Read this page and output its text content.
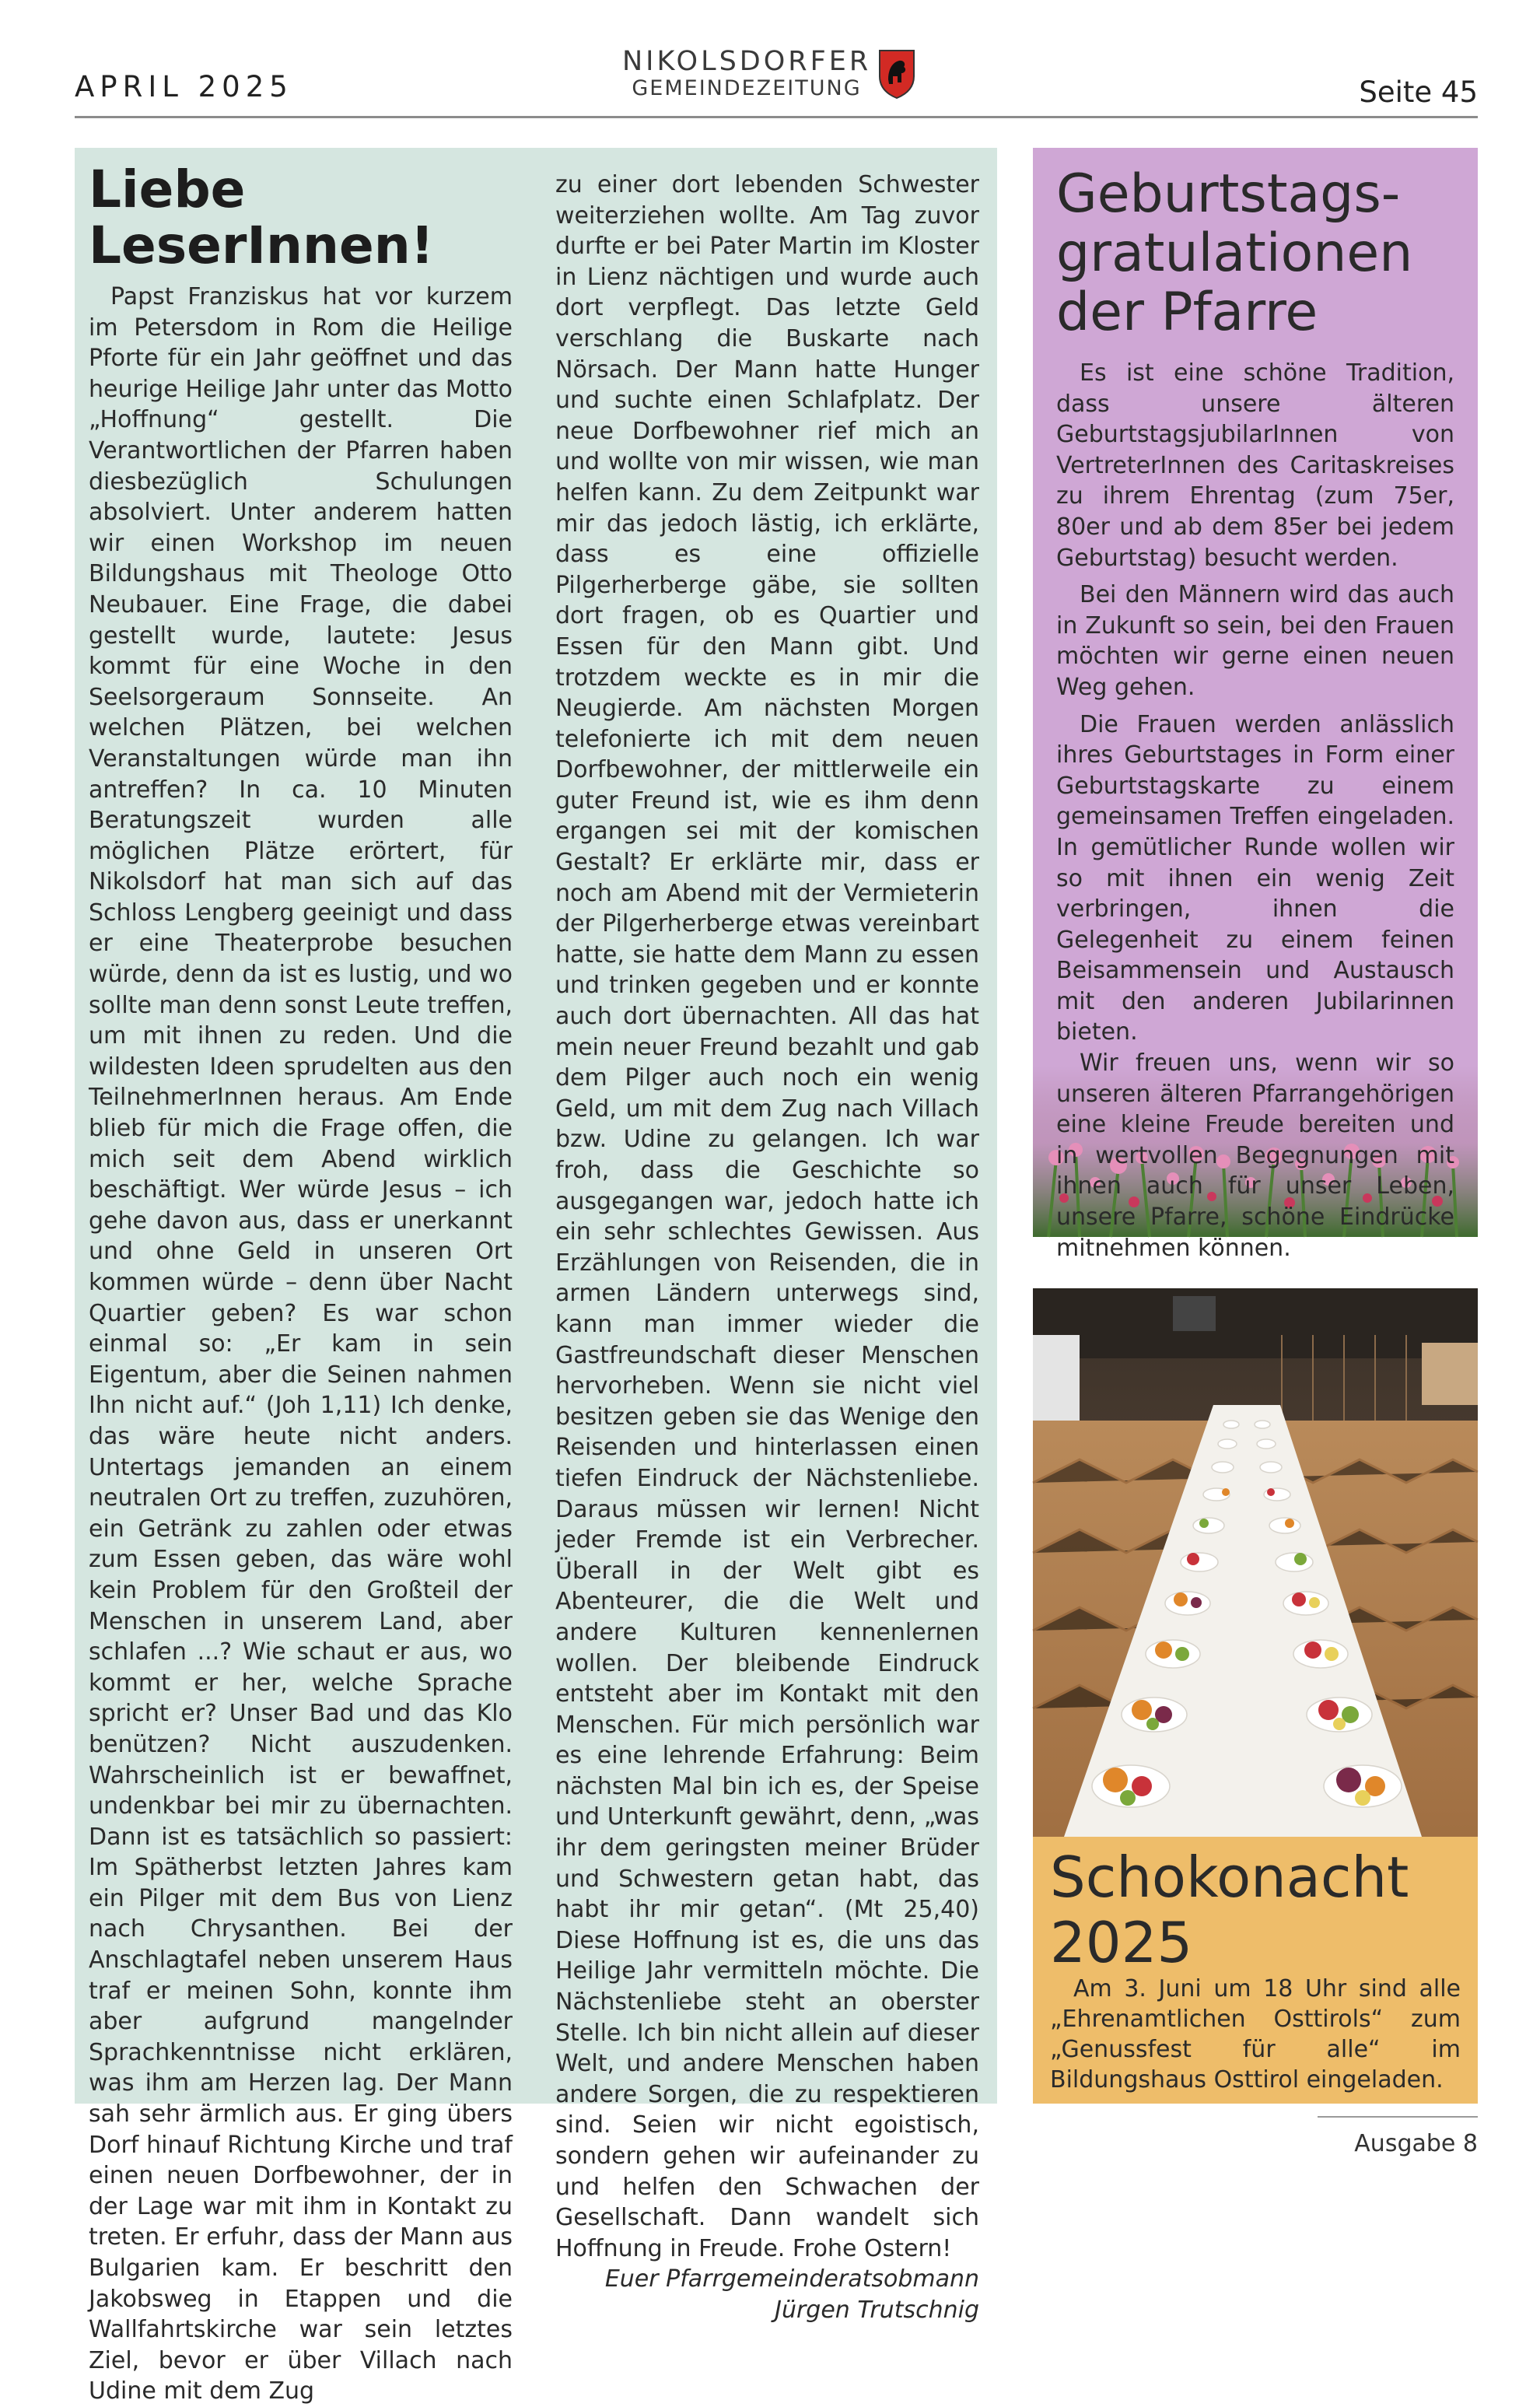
APRIL 2025
NIKOLSDORFER
GEMEINDEZEITUNG	Seite 45
Liebe LeserInnen!

Papst Franziskus hat vor kurzem im Petersdom in Rom die Heilige Pforte für ein Jahr geöffnet und das heurige Heilige Jahr unter das Motto „Hoffnung“ gestellt. Die Verantwortlichen der Pfarren haben diesbezüglich Schulungen absolviert. Unter anderem hatten wir einen Workshop im neuen Bildungshaus mit Theologe Otto Neubauer. Eine Frage, die dabei gestellt wurde, lautete: Jesus kommt für eine Woche in den Seelsorgeraum Sonnseite. An welchen Plätzen, bei welchen Veranstaltungen würde man ihn antreffen? In ca. 10 Minuten Beratungszeit wurden alle möglichen Plätze erörtert, für Nikolsdorf hat man sich auf das Schloss Lengberg geeinigt und dass er eine Theaterprobe besuchen würde, denn da ist es lustig, und wo sollte man denn sonst Leute treffen, um mit ihnen zu reden. Und die wildesten Ideen sprudelten aus den TeilnehmerInnen heraus. Am Ende blieb für mich die Frage offen, die mich seit dem Abend wirklich beschäftigt. Wer würde Jesus – ich gehe davon aus, dass er unerkannt und ohne Geld in unseren Ort kommen würde – denn über Nacht Quartier geben? Es war schon einmal so: „Er kam in sein Eigentum, aber die Seinen nahmen Ihn nicht auf.“ (Joh 1,11) Ich denke, das wäre heute nicht anders. Untertags jemanden an einem neutralen Ort zu treffen, zuzuhören, ein Getränk zu zahlen oder etwas zum Essen geben, das wäre wohl kein Problem für den Großteil der Menschen in unserem Land, aber schlafen ...? Wie schaut er aus, wo kommt er her, welche Sprache spricht er? Unser Bad und das Klo benützen? Nicht auszudenken. Wahrscheinlich ist er bewaffnet, undenkbar bei mir zu übernachten. Dann ist es tatsächlich so passiert: Im Spätherbst letzten Jahres kam ein Pilger mit dem Bus von Lienz nach Chrysanthen. Bei der Anschlagtafel neben unserem Haus traf er meinen Sohn, konnte ihm aber aufgrund mangelnder Sprachkenntnisse nicht erklären, was ihm am Herzen lag. Der Mann sah sehr ärmlich aus. Er ging übers Dorf hinauf Richtung Kirche und traf einen neuen Dorfbewohner, der in der Lage war mit ihm in Kontakt zu treten. Er erfuhr, dass der Mann aus Bulgarien kam. Er beschritt den Jakobsweg in Etappen und die Wallfahrtskirche war sein letztes Ziel, bevor er über Villach nach Udine mit dem Zug

zu einer dort lebenden Schwester weiterziehen wollte. Am Tag zuvor durfte er bei Pater Martin im Kloster in Lienz nächtigen und wurde auch dort verpflegt. Das letzte Geld verschlang die Buskarte nach Nörsach. Der Mann hatte Hunger und suchte einen Schlafplatz. Der neue Dorfbewohner rief mich an und wollte von mir wissen, wie man helfen kann. Zu dem Zeitpunkt war mir das jedoch lästig, ich erklärte, dass es eine offizielle Pilgerherberge gäbe, sie sollten dort fragen, ob es Quartier und Essen für den Mann gibt. Und trotzdem weckte es in mir die Neugierde. Am nächsten Morgen telefonierte ich mit dem neuen Dorfbewohner, der mittlerweile ein guter Freund ist, wie es ihm denn ergangen sei mit der komischen Gestalt? Er erklärte mir, dass er noch am Abend mit der Vermieterin der Pilgerherberge etwas vereinbart hatte, sie hatte dem Mann zu essen und trinken gegeben und er konnte auch dort übernachten. All das hat mein neuer Freund bezahlt und gab dem Pilger auch noch ein wenig Geld, um mit dem Zug nach Villach bzw. Udine zu gelangen. Ich war froh, dass die Geschichte so ausgegangen war, jedoch hatte ich ein sehr schlechtes Gewissen. Aus Erzählungen von Reisenden, die in armen Ländern unterwegs sind, kann man immer wieder die Gastfreundschaft dieser Menschen hervorheben. Wenn sie nicht viel besitzen geben sie das Wenige den Reisenden und hinterlassen einen tiefen Eindruck der Nächstenliebe. Daraus müssen wir lernen! Nicht jeder Fremde ist ein Verbrecher. Überall in der Welt gibt es Abenteurer, die die Welt und andere Kulturen kennenlernen wollen. Der bleibende Eindruck entsteht aber im Kontakt mit den Menschen. Für mich persönlich war es eine lehrende Erfahrung: Beim nächsten Mal bin ich es, der Speise und Unterkunft gewährt, denn, „was ihr dem geringsten meiner Brüder und Schwestern getan habt, das habt ihr mir getan“. (Mt 25,40) Diese Hoffnung ist es, die uns das Heilige Jahr vermitteln möchte. Die Nächstenliebe steht an oberster Stelle. Ich bin nicht allein auf dieser Welt, und andere Menschen haben andere Sorgen, die zu respektieren sind. Seien wir nicht egoistisch, sondern gehen wir aufeinander zu und helfen den Schwachen der Gesellschaft. Dann wandelt sich Hoffnung in Freude. Frohe Ostern!

Euer Pfarrgemeinderatsobmann

Jürgen Trutschnig

Geburtstags-gratulationen der Pfarre

Es ist eine schöne Tradition, dass unsere älteren GeburtstagsjubilarInnen von VertreterInnen des Caritaskreises zu ihrem Ehrentag (zum 75er, 80er und ab dem 85er bei jedem Geburtstag) besucht werden.

Bei den Männern wird das auch in Zukunft so sein, bei den Frauen möchten wir gerne einen neuen Weg gehen.

Die Frauen werden anlässlich ihres Geburtstages in Form einer Geburtstagskarte zu einem gemeinsamen Treffen eingeladen. In gemütlicher Runde wollen wir so mit ihnen ein wenig Zeit verbringen, ihnen die Gelegenheit zu einem feinen Beisammensein und Austausch mit den anderen Jubilarinnen bieten.

Wir freuen uns, wenn wir so unseren älteren Pfarrangehörigen eine kleine Freude bereiten und in wertvollen Begegnungen mit ihnen auch für unser Leben, unsere Pfarre, schöne Eindrücke mitnehmen können.

Schokonacht 2025
Am 3. Juni um 18 Uhr sind alle „Ehrenamtlichen Osttirols“ zum „Genussfest für alle“ im Bildungshaus Osttirol eingeladen.
Ausgabe 8
